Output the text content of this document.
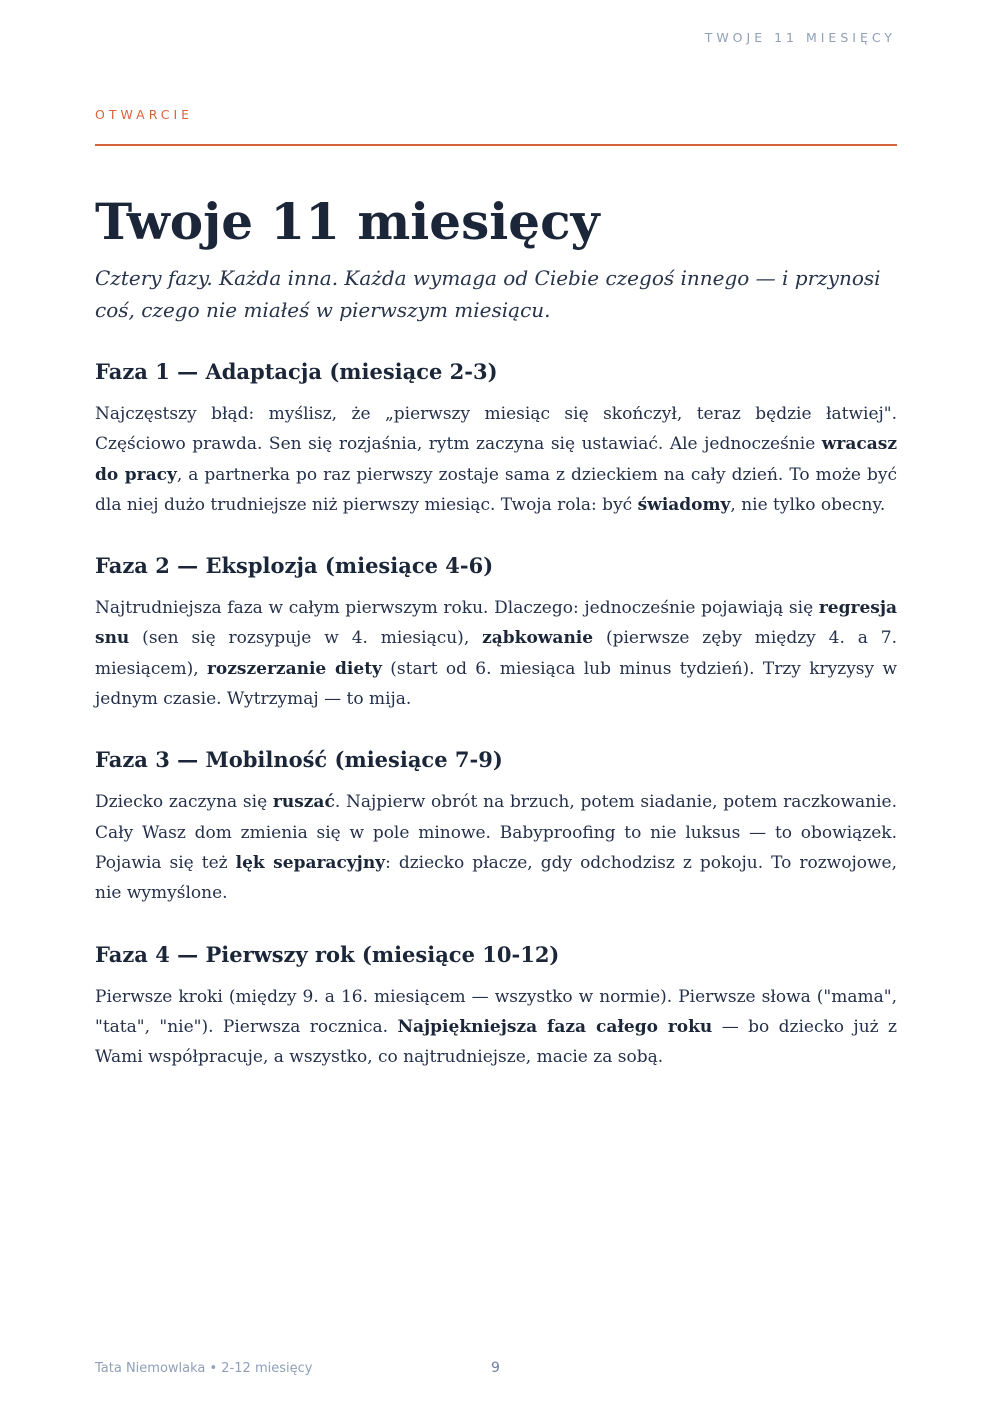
TWOJE 11 MIESIĘCY
OTWARCIE
Twoje 11 miesięcy

Cztery fazy. Każda inna. Każda wymaga od Ciebie czegoś innego — i przynosi coś, czego nie miałeś w pierwszym miesiącu.

Faza 1 — Adaptacja (miesiące 2-3)

Najczęstszy błąd: myślisz, że „pierwszy miesiąc się skończył, teraz będzie łatwiej". Częściowo prawda. Sen się rozjaśnia, rytm zaczyna się ustawiać. Ale jednocześnie wracasz do pracy, a partnerka po raz pierwszy zostaje sama z dzieckiem na cały dzień. To może być dla niej dużo trudniejsze niż pierwszy miesiąc. Twoja rola: być świadomy, nie tylko obecny.

Faza 2 — Eksplozja (miesiące 4-6)

Najtrudniejsza faza w całym pierwszym roku. Dlaczego: jednocześnie pojawiają się regresja snu (sen się rozsypuje w 4. miesiącu), ząbkowanie (pierwsze zęby między 4. a 7. miesiącem), rozszerzanie diety (start od 6. miesiąca lub minus tydzień). Trzy kryzysy w jednym czasie. Wytrzymaj — to mija.

Faza 3 — Mobilność (miesiące 7-9)

Dziecko zaczyna się ruszać. Najpierw obrót na brzuch, potem siadanie, potem raczkowanie. Cały Wasz dom zmienia się w pole minowe. Babyproofing to nie luksus — to obowiązek. Pojawia się też lęk separacyjny: dziecko płacze, gdy odchodzisz z pokoju. To rozwojowe, nie wymyślone.

Faza 4 — Pierwszy rok (miesiące 10-12)

Pierwsze kroki (między 9. a 16. miesiącem — wszystko w normie). Pierwsze słowa ("mama", "tata", "nie"). Pierwsza rocznica. Najpiękniejsza faza całego roku — bo dziecko już z Wami współpracuje, a wszystko, co najtrudniejsze, macie za sobą.

Tata Niemowlaka • 2-12 miesięcy	9
